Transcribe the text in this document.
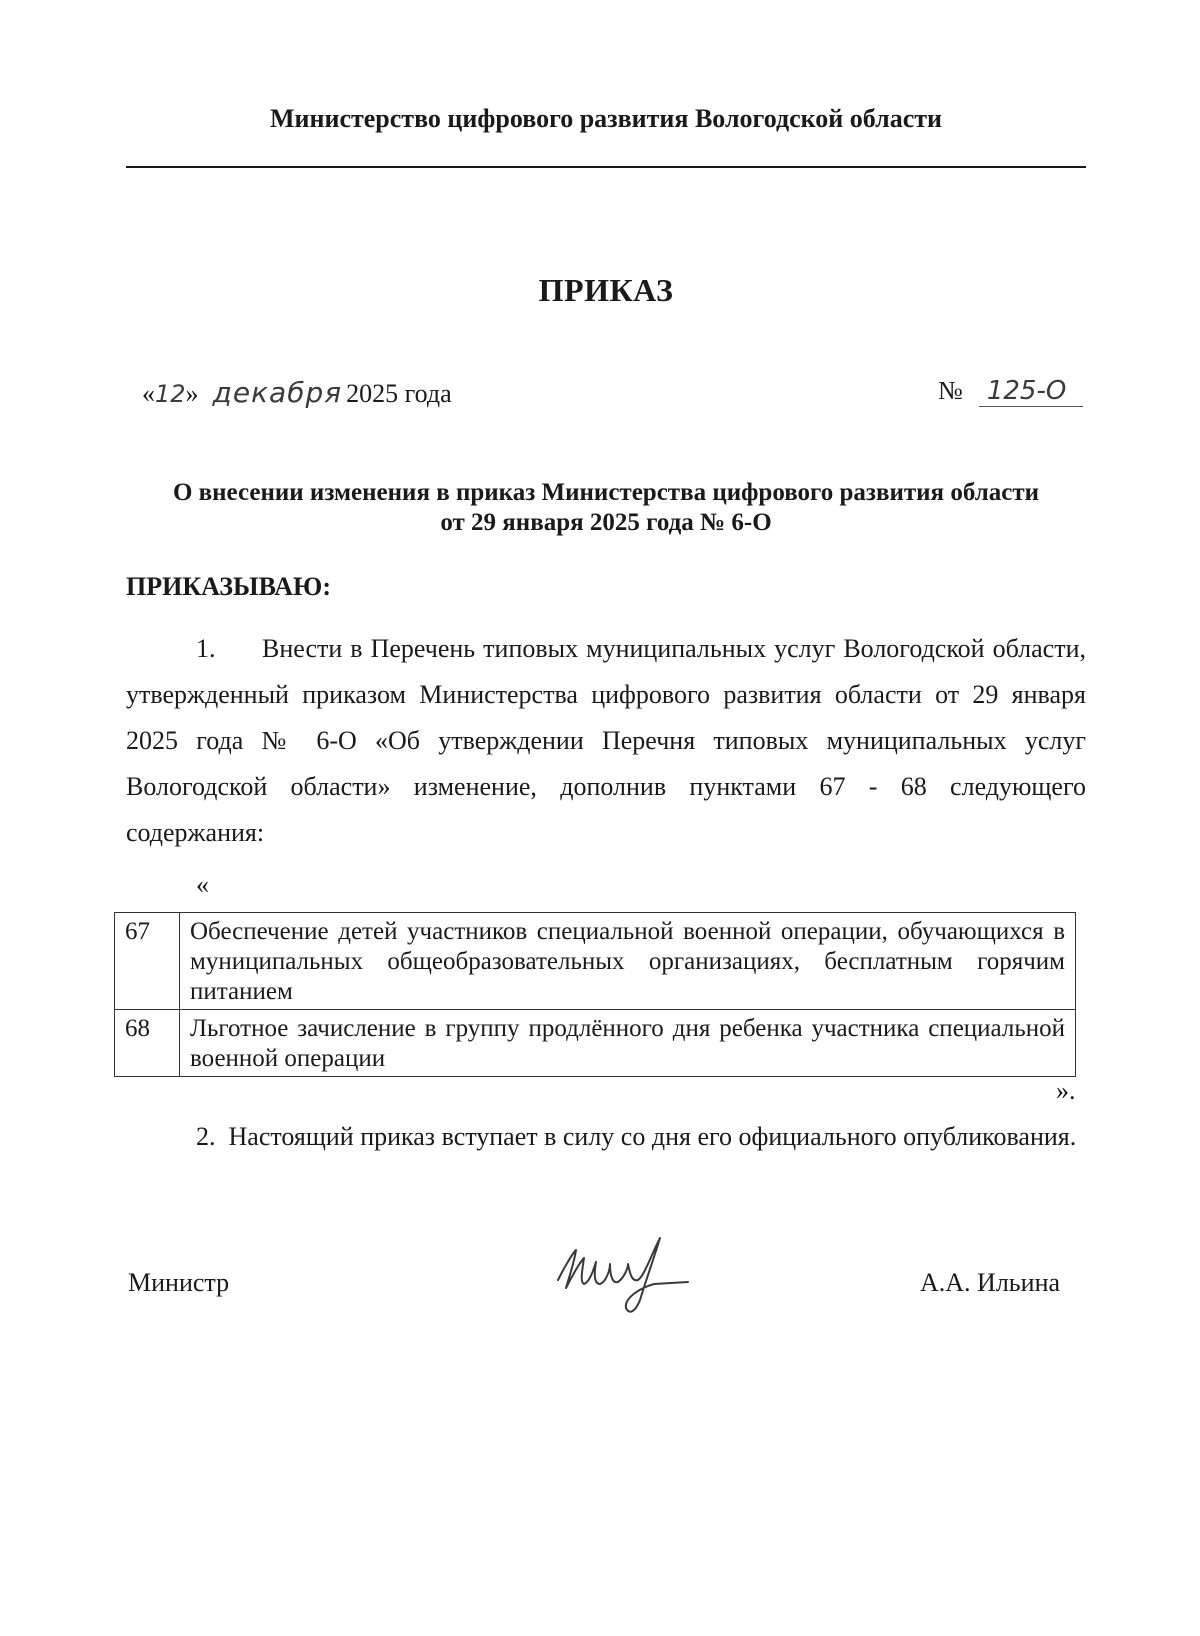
Министерство цифрового развития Вологодской области
ПРИКАЗ
«12» декабря 2025 года	№ 125-О
О внесении изменения в приказ Министерства цифрового развития области
от 29 января 2025 года № 6-О
ПРИКАЗЫВАЮ:
1. Внести в Перечень типовых муниципальных услуг Вологодской области, утвержденный приказом Министерства цифрового развития области от 29 января 2025 года № 6-О «Об утверждении Перечня типовых муниципальных услуг Вологодской области» изменение, дополнив пунктами 67 - 68 следующего содержания:
«
67	Обеспечение детей участников специальной военной операции, обучающихся в муниципальных общеобразовательных организациях, бесплатным горячим питанием
68	Льготное зачисление в группу продлённого дня ребенка участника специальной военной операции
».
2. Настоящий приказ вступает в силу со дня его официального опубликования.
Министр	А.А. Ильина
